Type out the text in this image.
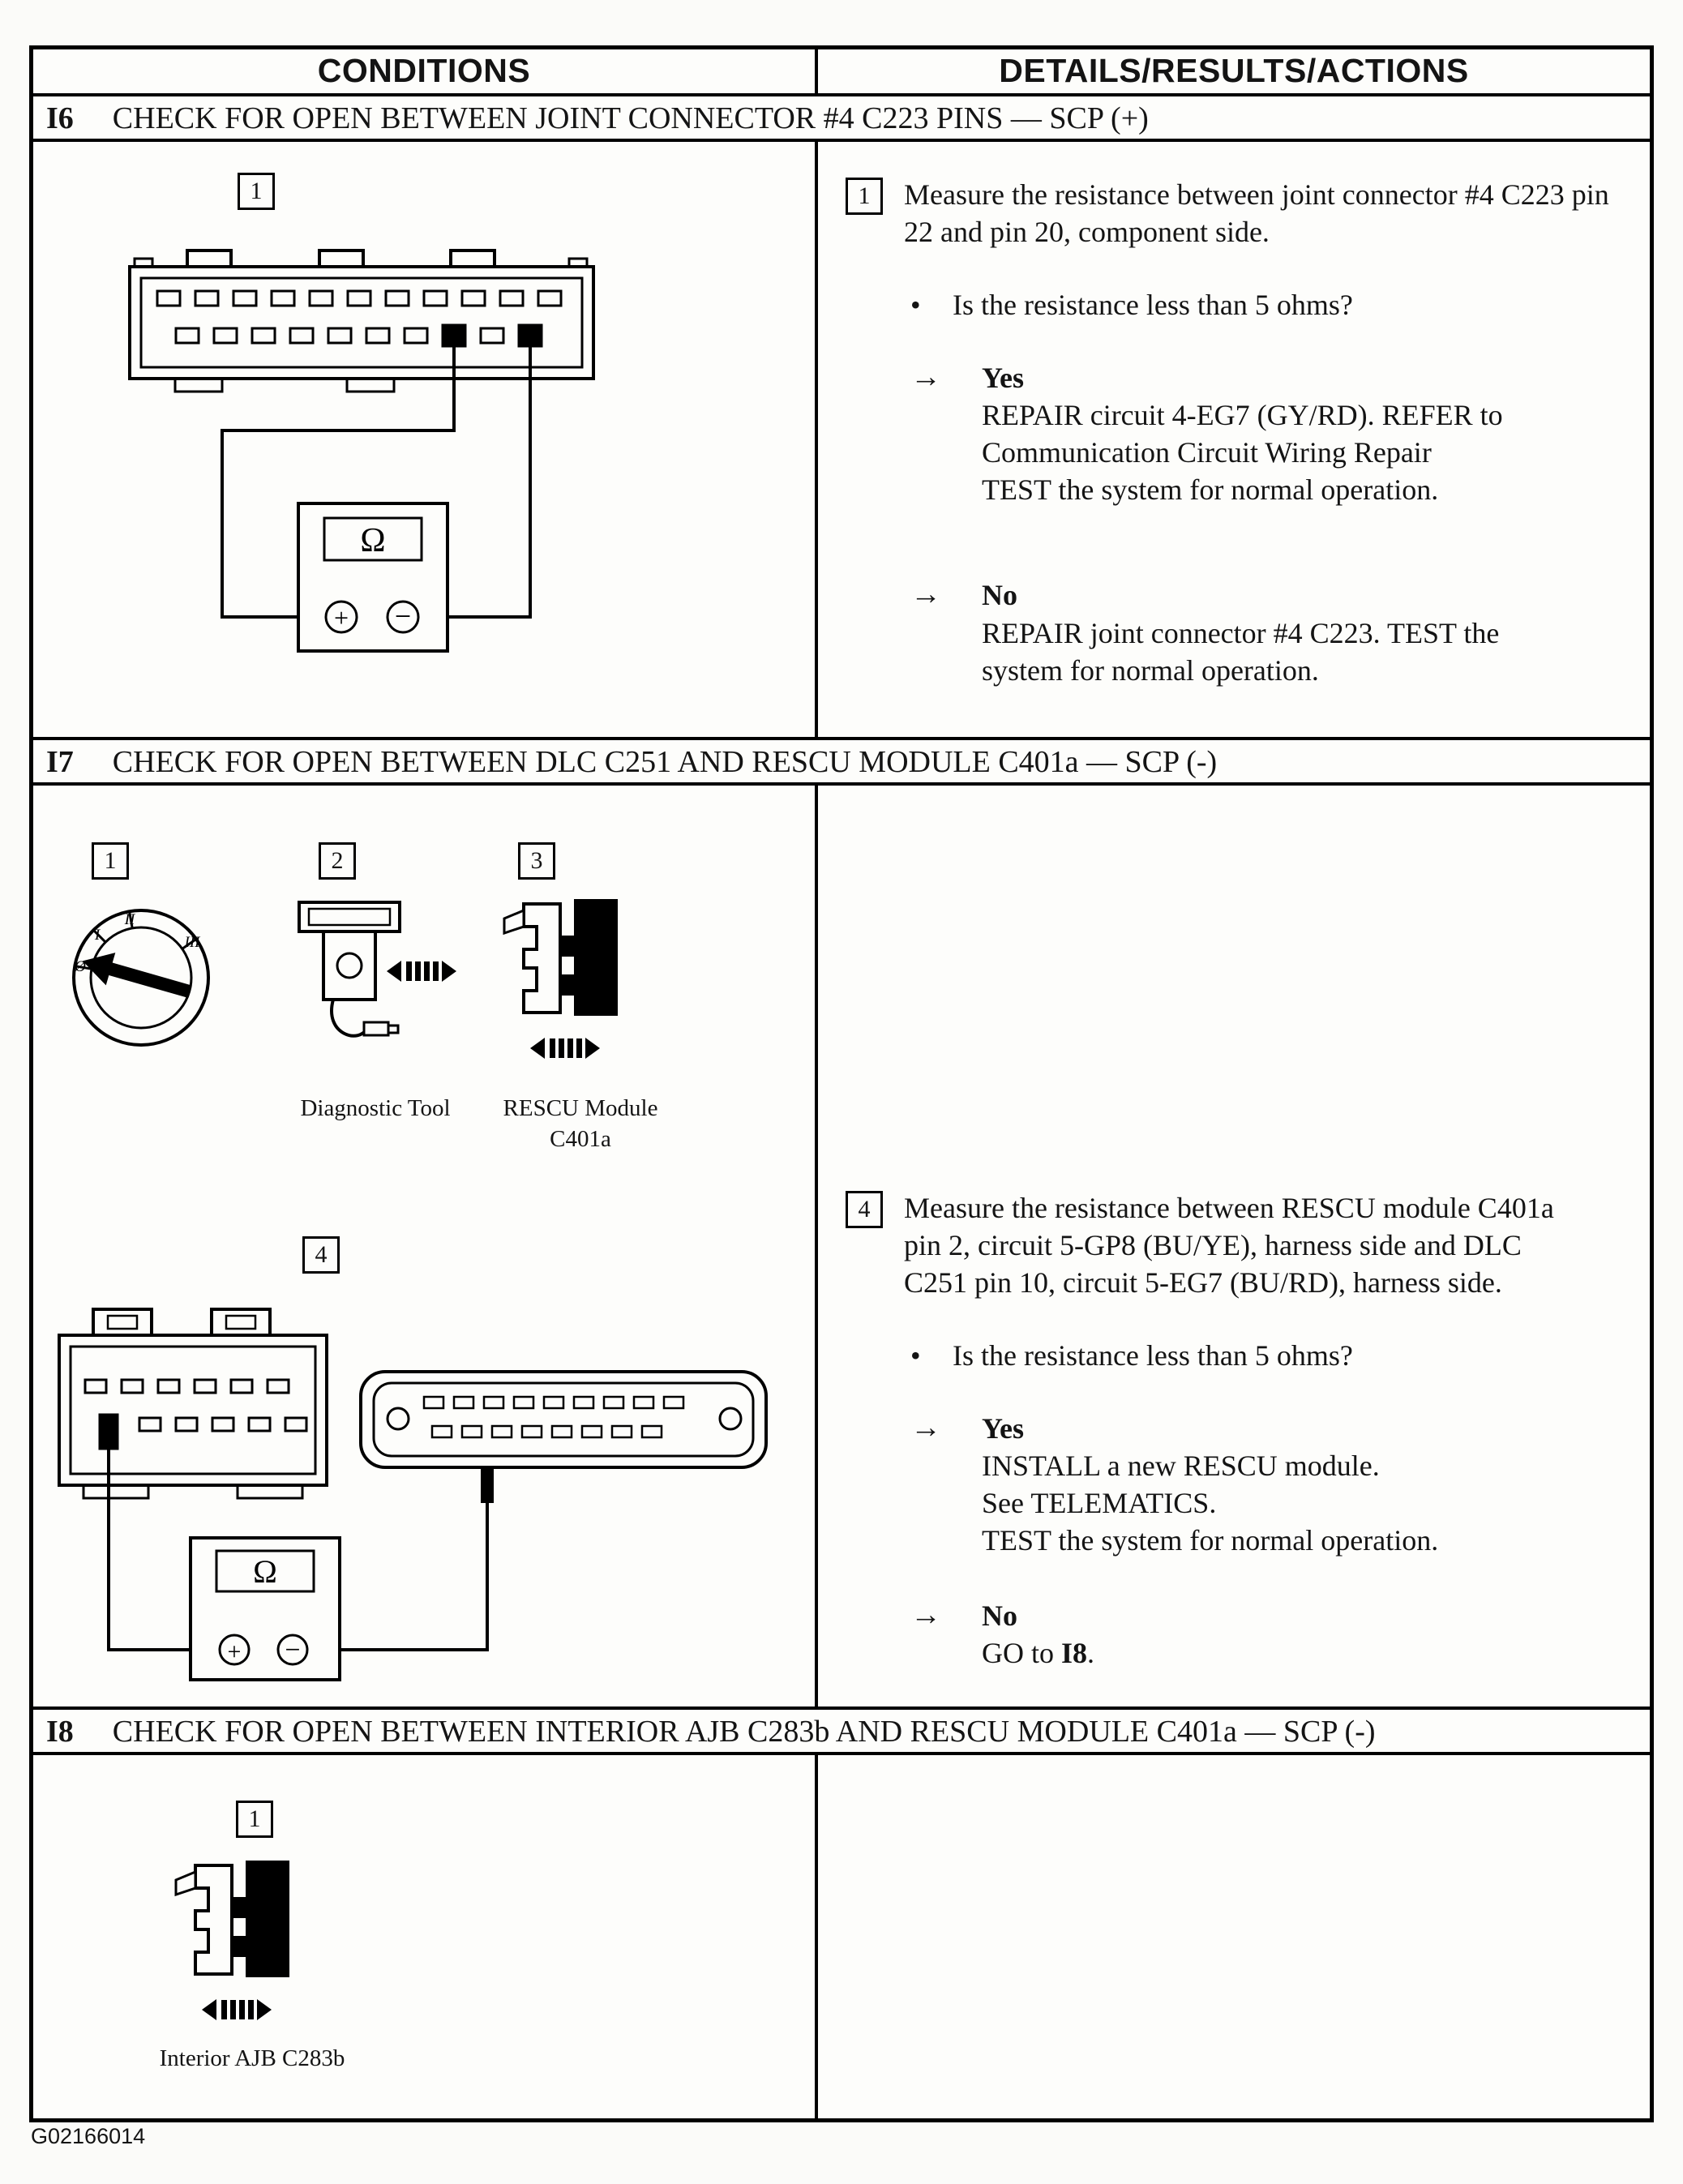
CONDITIONS	DETAILS/RESULTS/ACTIONS
I6 CHECK FOR OPEN BETWEEN JOINT CONNECTOR #4 C223 PINS — SCP (+)
1
Ω
+ −
1	Measure the resistance between joint connector #4 C223 pin 22 and pin 20, component side.
•	Is the resistance less than 5 ohms?
→	Yes
REPAIR circuit 4-EG7 (GY/RD). REFER to
Communication Circuit Wiring Repair
TEST the system for normal operation.
→	No
REPAIR joint connector #4 C223. TEST the system for normal operation.
I7 CHECK FOR OPEN BETWEEN DLC C251 AND RESCU MODULE C401a — SCP (-)
1	2	3
Ø
I
II
III
Diagnostic Tool	RESCU Module
C401a
4
Ω
+ −
4	Measure the resistance between RESCU module C401a pin 2, circuit 5-GP8 (BU/YE), harness side and DLC C251 pin 10, circuit 5-EG7 (BU/RD), harness side.
•	Is the resistance less than 5 ohms?
→	Yes
INSTALL a new RESCU module.
See TELEMATICS.
TEST the system for normal operation.
→	No
GO to I8.
I8 CHECK FOR OPEN BETWEEN INTERIOR AJB C283b AND RESCU MODULE C401a — SCP (-)
1
Interior AJB C283b
G02166014
